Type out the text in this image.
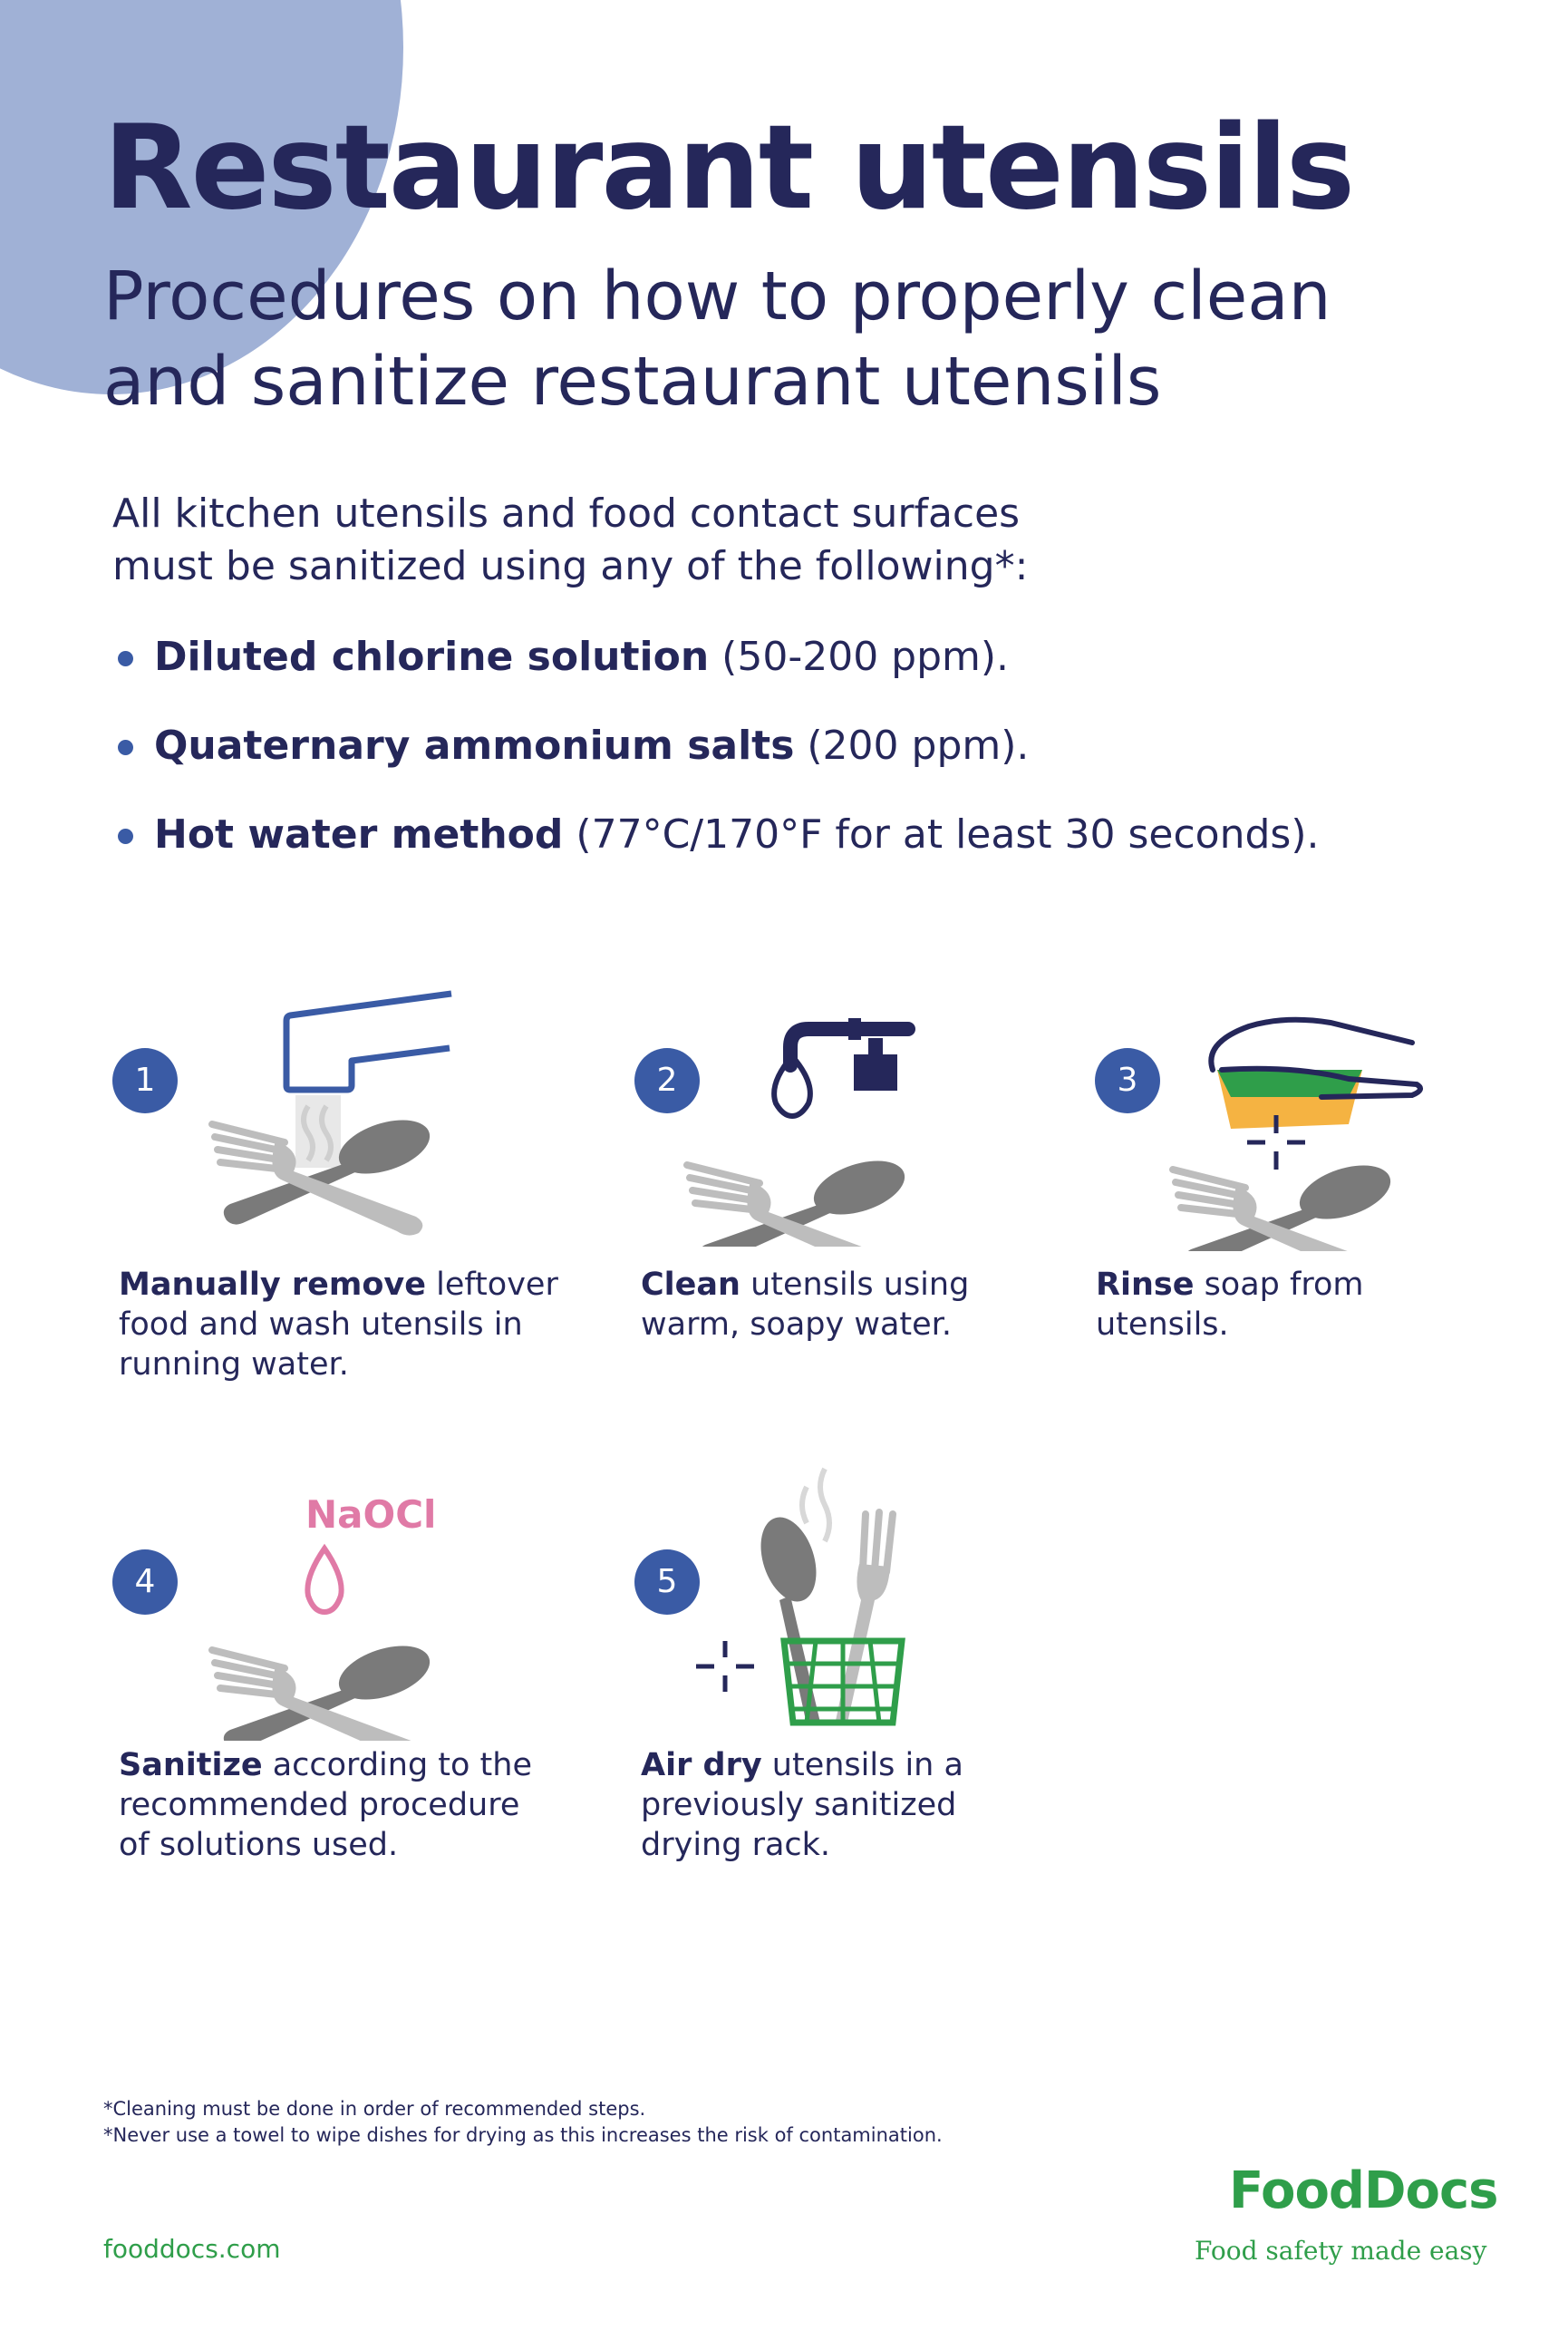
Restaurant utensils
Procedures on how to properly clean
and sanitize restaurant utensils
All kitchen utensils and food contact surfaces
must be sanitized using any of the following*:
Diluted chlorine solution (50-200 ppm).
Quaternary ammonium salts (200 ppm).
Hot water method (77°C/170°F for at least 30 seconds).
1
Manually remove leftover food and wash utensils in running water.
2
Clean utensils using warm, soapy water.
3
Rinse soap from utensils.
4
NaOCl
Sanitize according to the recommended procedure of solutions used.
5
Air dry utensils in a previously sanitized drying rack.
*Cleaning must be done in order of recommended steps.
*Never use a towel to wipe dishes for drying as this increases the risk of contamination.
fooddocs.com
FoodDocs
Food safety made easy
